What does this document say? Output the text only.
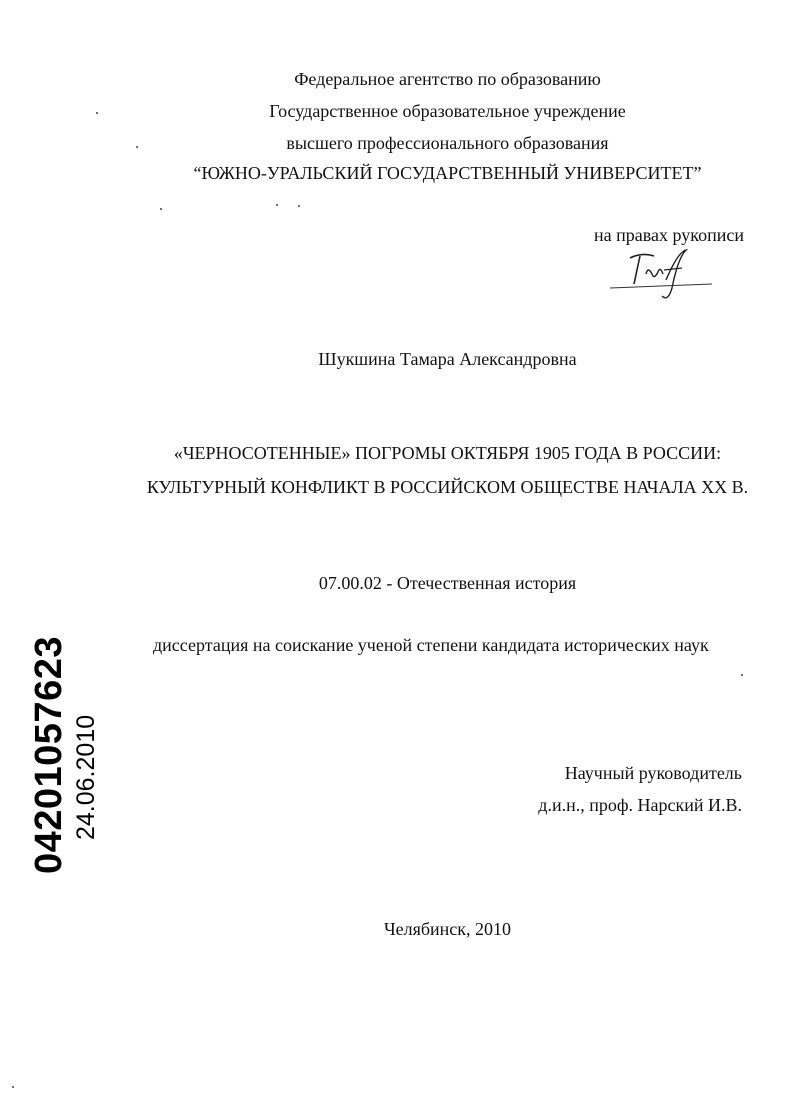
Федеральное агентство по образованию
Государственное образовательное учреждение
высшего профессионального образования
“ЮЖНО-УРАЛЬСКИЙ ГОСУДАРСТВЕННЫЙ УНИВЕРСИТЕТ”
на правах рукописи
Шукшина Тамара Александровна
«ЧЕРНОСОТЕННЫЕ» ПОГРОМЫ ОКТЯБРЯ 1905 ГОДА В РОССИИ:
КУЛЬТУРНЫЙ КОНФЛИКТ В РОССИЙСКОМ ОБЩЕСТВЕ НАЧАЛА XX В.
07.00.02 - Отечественная история
диссертация на соискание ученой степени кандидата исторических наук
Научный руководитель
д.и.н., проф. Нарский И.В.
Челябинск, 2010
04201057623 24.06.2010
